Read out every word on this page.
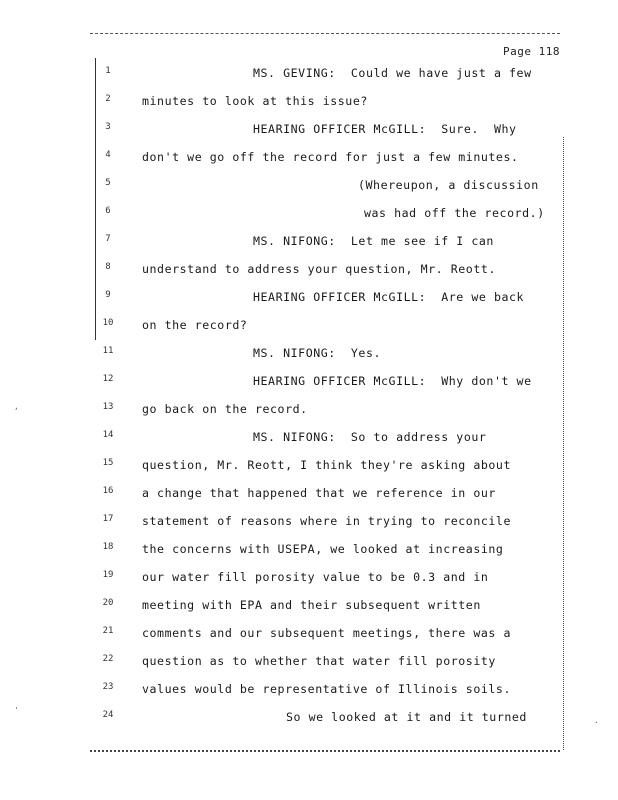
Page 118
1	MS. GEVING:  Could we have just a few
2	minutes to look at this issue?
3	HEARING OFFICER McGILL:  Sure.  Why
4	don't we go off the record for just a few minutes.
5	(Whereupon, a discussion
6	was had off the record.)
7	MS. NIFONG:  Let me see if I can
8	understand to address your question, Mr. Reott.
9	HEARING OFFICER McGILL:  Are we back
10	on the record?
11	MS. NIFONG:  Yes.
12	HEARING OFFICER McGILL:  Why don't we
13	go back on the record.
14	MS. NIFONG:  So to address your
15	question, Mr. Reott, I think they're asking about
16	a change that happened that we reference in our
17	statement of reasons where in trying to reconcile
18	the concerns with USEPA, we looked at increasing
19	our water fill porosity value to be 0.3 and in
20	meeting with EPA and their subsequent written
21	comments and our subsequent meetings, there was a
22	question as to whether that water fill porosity
23	values would be representative of Illinois soils.
24	So we looked at it and it turned
,
'
.
